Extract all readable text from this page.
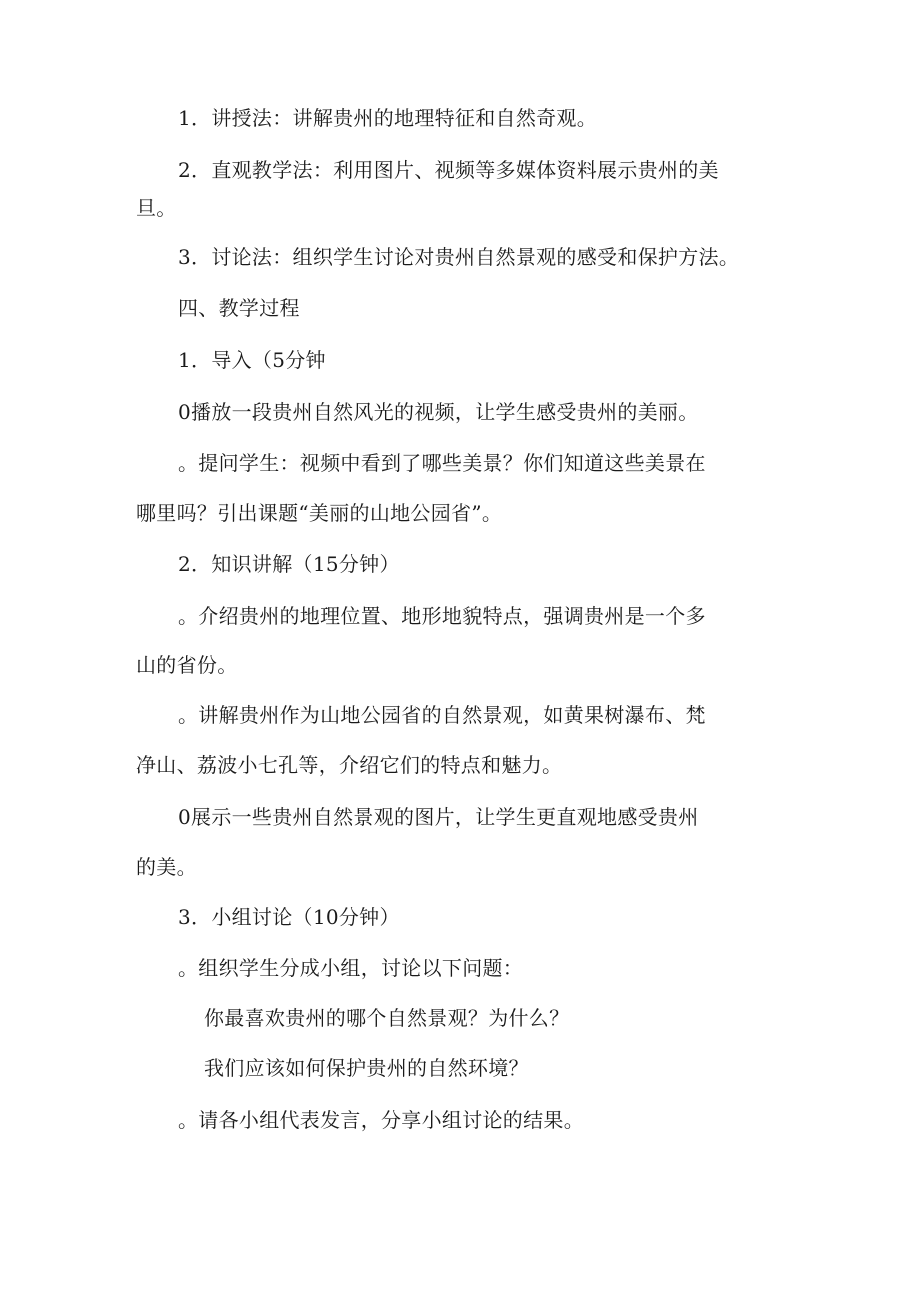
1．讲授法：讲解贵州的地理特征和自然奇观。
2．直观教学法：利用图片、视频等多媒体资料展示贵州的美
旦。
3．讨论法：组织学生讨论对贵州自然景观的感受和保护方法。
四、教学过程
1．导入（5分钟
0播放一段贵州自然风光的视频，让学生感受贵州的美丽。
。提问学生：视频中看到了哪些美景？你们知道这些美景在
哪里吗？引出课题“美丽的山地公园省”。
2．知识讲解（15分钟）
。介绍贵州的地理位置、地形地貌特点，强调贵州是一个多
山的省份。
。讲解贵州作为山地公园省的自然景观，如黄果树瀑布、梵
净山、荔波小七孔等，介绍它们的特点和魅力。
0展示一些贵州自然景观的图片，让学生更直观地感受贵州
的美。
3．小组讨论（10分钟）
。组织学生分成小组，讨论以下问题：
你最喜欢贵州的哪个自然景观？为什么？
我们应该如何保护贵州的自然环境？
。请各小组代表发言，分享小组讨论的结果。
